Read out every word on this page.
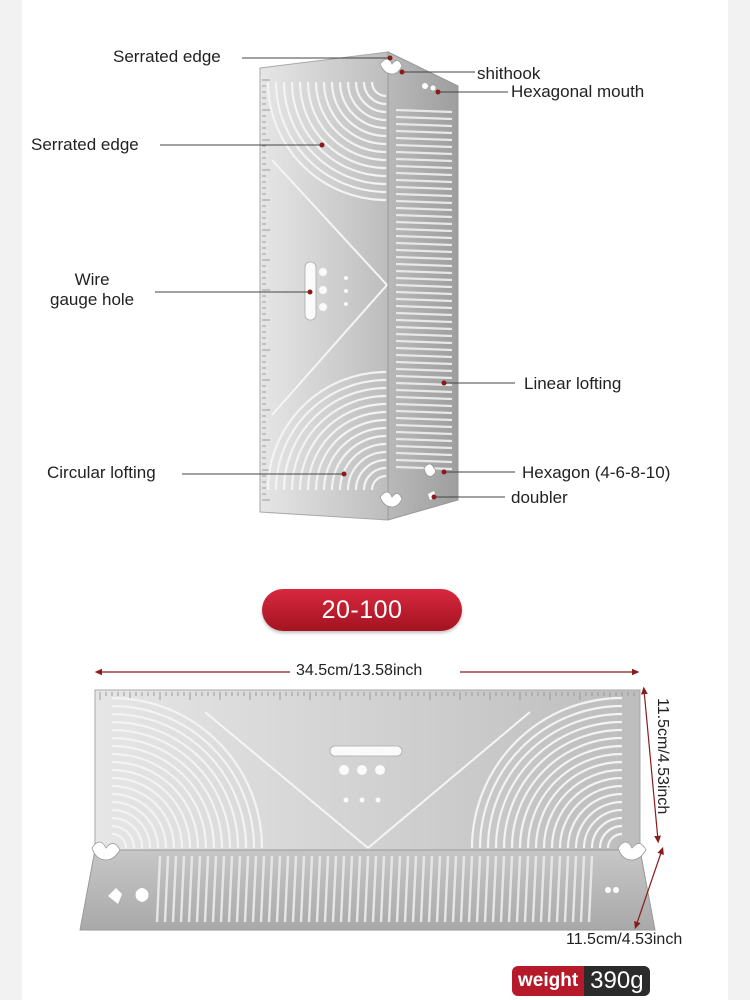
Serrated edge
shithook
Hexagonal mouth
Serrated edge
Wire
gauge hole
Linear lofting
Circular lofting	Hexagon (4-6-8-10)
doubler
20-100
34.5cm/13.58inch
11.5cm/4.53inch
11.5cm/4.53inch
weight 390g
